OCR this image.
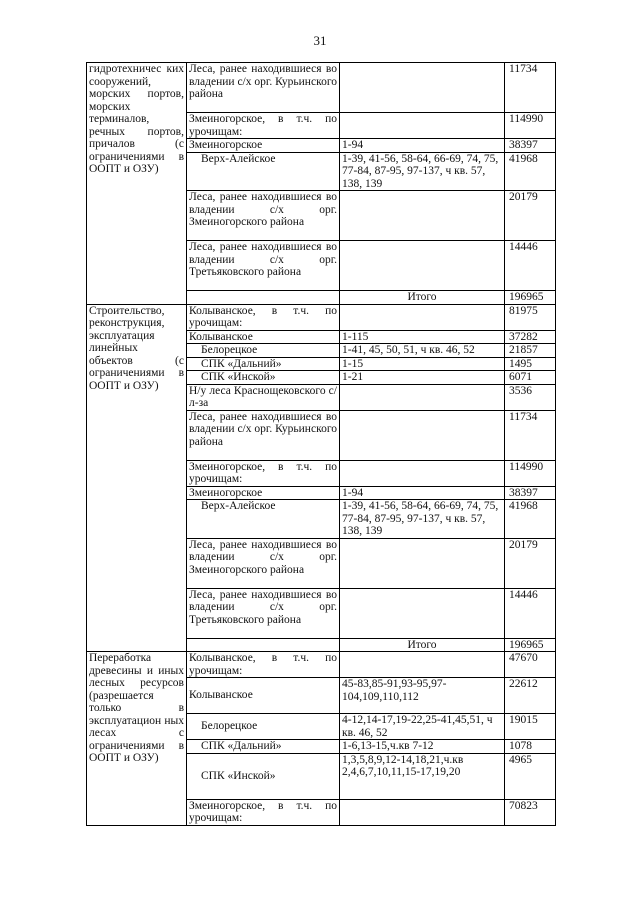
31
гидротехничес ких сооружений, морских портов, морских терминалов, речных портов, причалов (с ограничениями в ООПТ и ОЗУ)	Леса, ранее находившиеся во владении с/х орг. Курьинского района		11734
	Змеиногорское, в т.ч. по урочищам:		114990
	Змеиногорское	1-94	38397
	Верх-Алейское	1-39, 41-56, 58-64, 66-69, 74, 75, 77-84, 87-95, 97-137, ч кв. 57, 138, 139	41968
	Леса, ранее находившиеся во владении с/х орг. Змеиногорского района		20179
	Леса, ранее находившиеся во владении с/х орг. Третьяковского района		14446
		Итого	196965
Строительство, реконструкция, эксплуатация линейных объектов (с ограничениями в ООПТ и ОЗУ)	Колыванское, в т.ч. по урочищам:		81975
	Колыванское	1-115	37282
	Белорецкое	1-41, 45, 50, 51, ч кв. 46, 52	21857
	СПК «Дальний»	1-15	1495
	СПК «Инской»	1-21	6071
	Н/у леса Краснощековского с/л-за		3536
	Леса, ранее находившиеся во владении с/х орг. Курьинского района		11734
	Змеиногорское, в т.ч. по урочищам:		114990
	Змеиногорское	1-94	38397
	Верх-Алейское	1-39, 41-56, 58-64, 66-69, 74, 75, 77-84, 87-95, 97-137, ч кв. 57, 138, 139	41968
	Леса, ранее находившиеся во владении с/х орг. Змеиногорского района		20179
	Леса, ранее находившиеся во владении с/х орг. Третьяковского района		14446
		Итого	196965
Переработка древесины и иных лесных ресурсов (разрешается только в эксплуатацион ных лесах с ограничениями в ООПТ и ОЗУ)	Колыванское, в т.ч. по урочищам:		47670
	Колыванское	45-83,85-91,93-95,97-104,109,110,112	22612
	Белорецкое	4-12,14-17,19-22,25-41,45,51, ч кв. 46, 52	19015
	СПК «Дальний»	1-6,13-15,ч.кв 7-12	1078
	СПК «Инской»	1,3,5,8,9,12-14,18,21,ч.кв 2,4,6,7,10,11,15-17,19,20	4965
	Змеиногорское, в т.ч. по урочищам:		70823
